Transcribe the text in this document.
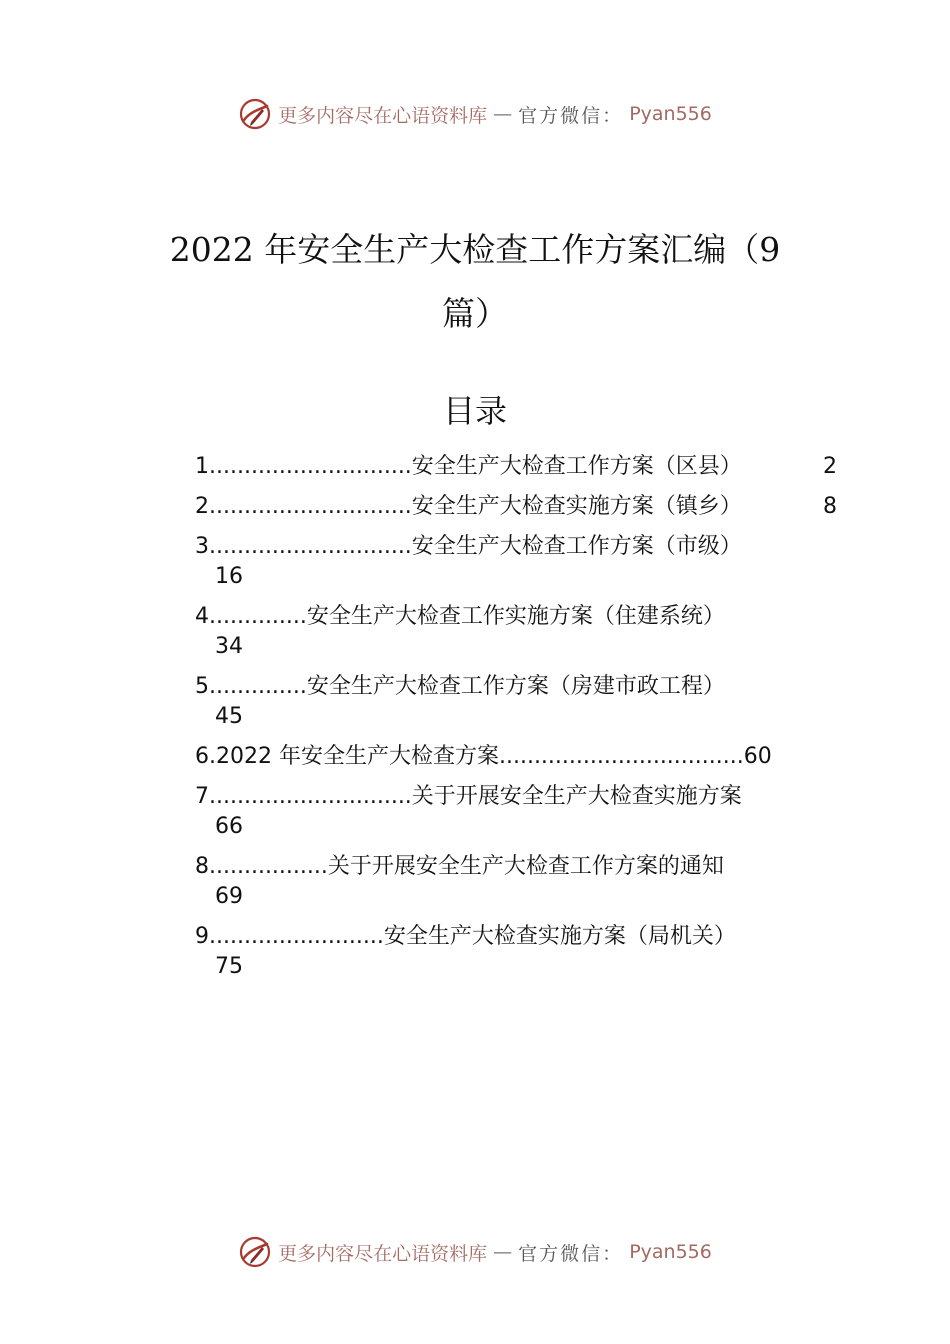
更多内容尽在心语资料库 — 官方微信： Pyan556
2022 年安全生产大检查工作方案汇编（9
篇）
目录
1.............................安全生产大检查工作方案（区县）	2
2.............................安全生产大检查实施方案（镇乡）	8
3.............................安全生产大检查工作方案（市级）
16
4..............安全生产大检查工作实施方案（住建系统）
34
5..............安全生产大检查工作方案（房建市政工程）
45
6.2022 年安全生产大检查方案...................................60
7.............................关于开展安全生产大检查实施方案
66
8.................关于开展安全生产大检查工作方案的通知
69
9.........................安全生产大检查实施方案（局机关）
75
更多内容尽在心语资料库 — 官方微信： Pyan556
